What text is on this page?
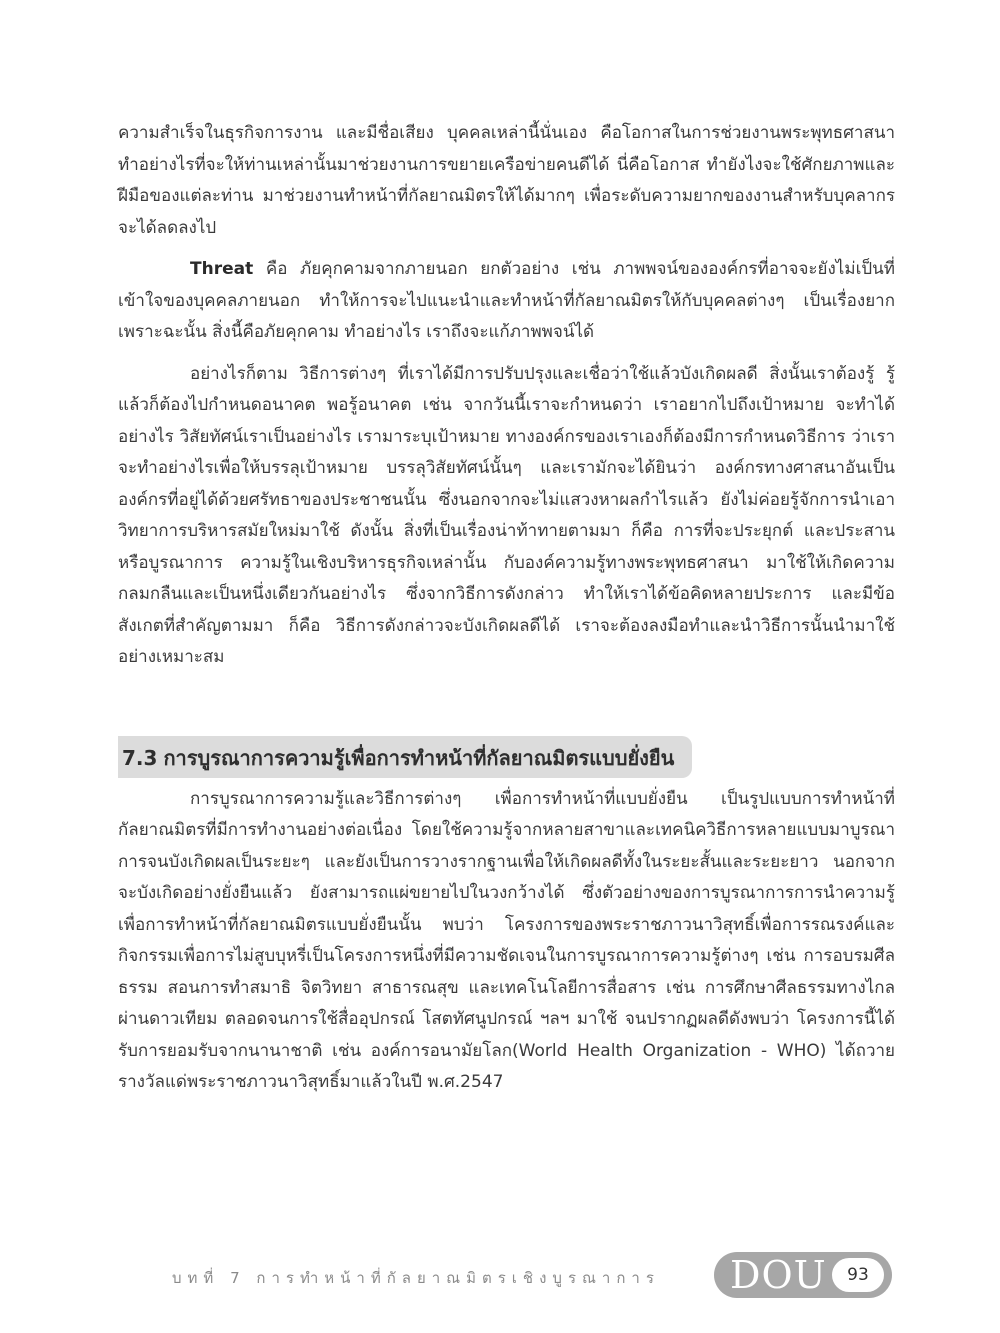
ความสำเร็จในธุรกิจการงาน และมีชื่อเสียง บุคคลเหล่านี้นั่นเอง คือโอกาสในการช่วยงานพระพุทธศาสนา ทำอย่างไรที่จะให้ท่านเหล่านั้นมาช่วยงานการขยายเครือข่ายคนดีได้ นี่คือโอกาส ทำยังไงจะใช้ศักยภาพและฝีมือของแต่ละท่าน มาช่วยงานทำหน้าที่กัลยาณมิตรให้ได้มากๆ เพื่อระดับความยากของงานสำหรับบุคลากรจะได้ลดลงไป

Threat คือ ภัยคุกคามจากภายนอก ยกตัวอย่าง เช่น ภาพพจน์ขององค์กรที่อาจจะยังไม่เป็นที่เข้าใจของบุคคลภายนอก ทำให้การจะไปแนะนำและทำหน้าที่กัลยาณมิตรให้กับบุคคลต่างๆ เป็นเรื่องยาก เพราะฉะนั้น สิ่งนี้คือภัยคุกคาม ทำอย่างไร เราถึงจะแก้ภาพพจน์ได้

อย่างไรก็ตาม วิธีการต่างๆ ที่เราได้มีการปรับปรุงและเชื่อว่าใช้แล้วบังเกิดผลดี สิ่งนั้นเราต้องรู้ รู้แล้วก็ต้องไปกำหนดอนาคต พอรู้อนาคต เช่น จากวันนี้เราจะกำหนดว่า เราอยากไปถึงเป้าหมาย จะทำได้อย่างไร วิสัยทัศน์เราเป็นอย่างไร เรามาระบุเป้าหมาย ทางองค์กรของเราเองก็ต้องมีการกำหนดวิธีการ ว่าเราจะทำอย่างไรเพื่อให้บรรลุเป้าหมาย บรรลุวิสัยทัศน์นั้นๆ และเรามักจะได้ยินว่า องค์กรทางศาสนาอันเป็นองค์กรที่อยู่ได้ด้วยศรัทธาของประชาชนนั้น ซึ่งนอกจากจะไม่แสวงหาผลกำไรแล้ว ยังไม่ค่อยรู้จักการนำเอาวิทยาการบริหารสมัยใหม่มาใช้ ดังนั้น สิ่งที่เป็นเรื่องน่าท้าทายตามมา ก็คือ การที่จะประยุกต์ และประสานหรือบูรณาการ ความรู้ในเชิงบริหารธุรกิจเหล่านั้น กับองค์ความรู้ทางพระพุทธศาสนา มาใช้ให้เกิดความกลมกลืนและเป็นหนึ่งเดียวกันอย่างไร ซึ่งจากวิธีการดังกล่าว ทำให้เราได้ข้อคิดหลายประการ และมีข้อสังเกตที่สำคัญตามมา ก็คือ วิธีการดังกล่าวจะบังเกิดผลดีได้ เราจะต้องลงมือทำและนำวิธีการนั้นนำมาใช้อย่างเหมาะสม

7.3 การบูรณาการความรู้เพื่อการทำหน้าที่กัลยาณมิตรแบบยั่งยืน

การบูรณาการความรู้และวิธีการต่างๆ เพื่อการทำหน้าที่แบบยั่งยืน เป็นรูปแบบการทำหน้าที่กัลยาณมิตรที่มีการทำงานอย่างต่อเนื่อง โดยใช้ความรู้จากหลายสาขาและเทคนิควิธีการหลายแบบมาบูรณาการจนบังเกิดผลเป็นระยะๆ และยังเป็นการวางรากฐานเพื่อให้เกิดผลดีทั้งในระยะสั้นและระยะยาว นอกจากจะบังเกิดอย่างยั่งยืนแล้ว ยังสามารถแผ่ขยายไปในวงกว้างได้ ซึ่งตัวอย่างของการบูรณาการการนำความรู้เพื่อการทำหน้าที่กัลยาณมิตรแบบยั่งยืนนั้น พบว่า โครงการของพระราชภาวนาวิสุทธิ์เพื่อการรณรงค์และกิจกรรมเพื่อการไม่สูบบุหรี่เป็นโครงการหนึ่งที่มีความชัดเจนในการบูรณาการความรู้ต่างๆ เช่น การอบรมศีลธรรม สอนการทำสมาธิ จิตวิทยา สาธารณสุข และเทคโนโลยีการสื่อสาร เช่น การศึกษาศีลธรรมทางไกลผ่านดาวเทียม ตลอดจนการใช้สื่ออุปกรณ์ โสตทัศนูปกรณ์ ฯลฯ มาใช้ จนปรากฏผลดีดังพบว่า โครงการนี้ได้รับการยอมรับจากนานาชาติ เช่น องค์การอนามัยโลก(World Health Organization - WHO) ได้ถวายรางวัลแด่พระราชภาวนาวิสุทธิ์มาแล้วในปี พ.ศ.2547

บทที่ 7 การทำหน้าที่กัลยาณมิตรเชิงบูรณาการ DOU	93
